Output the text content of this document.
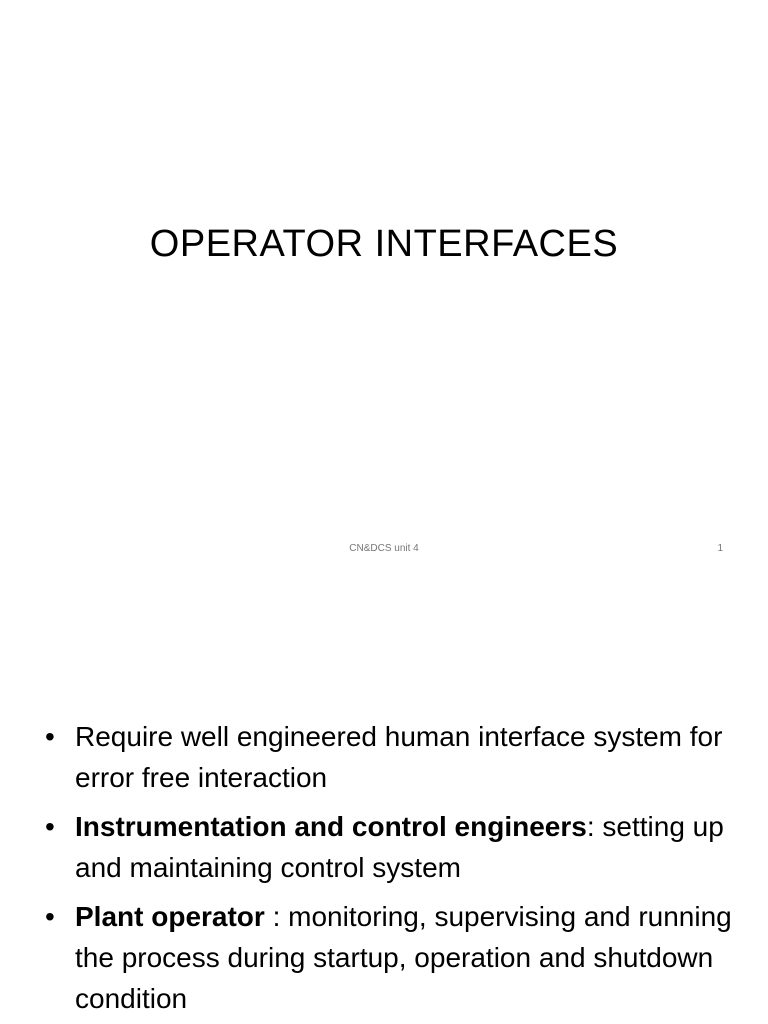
OPERATOR INTERFACES
CN&DCS unit 4	1
• Require well engineered human interface system for error free interaction
• Instrumentation and control engineers: setting up and maintaining control system
• Plant operator : monitoring, supervising and running the process during startup, operation and shutdown condition
